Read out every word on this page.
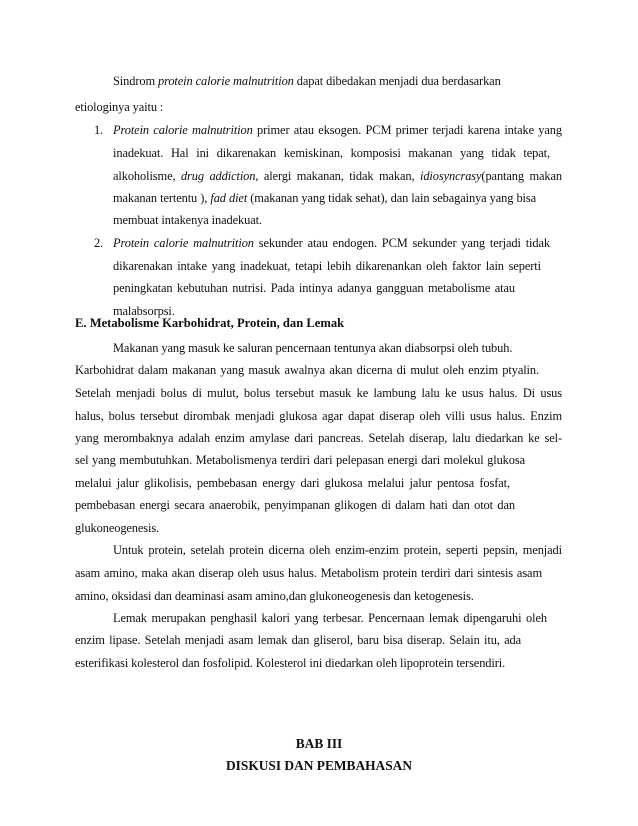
Sindrom protein calorie malnutrition dapat dibedakan menjadi dua berdasarkan
etiologinya yaitu :
1. Protein calorie malnutrition primer atau eksogen. PCM primer terjadi karena intake yang
inadekuat. Hal ini dikarenakan kemiskinan, komposisi makanan yang tidak tepat,
alkoholisme, drug addiction, alergi makanan, tidak makan, idiosyncrasy(pantang makan
makanan tertentu ), fad diet (makanan yang tidak sehat), dan lain sebagainya yang bisa
membuat intakenya inadekuat.
2. Protein calorie malnutrition sekunder atau endogen. PCM sekunder yang terjadi tidak
dikarenakan intake yang inadekuat, tetapi lebih dikarenankan oleh faktor lain seperti
peningkatan kebutuhan nutrisi. Pada intinya adanya gangguan metabolisme atau
malabsorpsi.
E. Metabolisme Karbohidrat, Protein, dan Lemak
Makanan yang masuk ke saluran pencernaan tentunya akan diabsorpsi oleh tubuh.
Karbohidrat dalam makanan yang masuk awalnya akan dicerna di mulut oleh enzim ptyalin.
Setelah menjadi bolus di mulut, bolus tersebut masuk ke lambung lalu ke usus halus. Di usus
halus, bolus tersebut dirombak menjadi glukosa agar dapat diserap oleh villi usus halus. Enzim
yang merombaknya adalah enzim amylase dari pancreas. Setelah diserap, lalu diedarkan ke sel-
sel yang membutuhkan. Metabolismenya terdiri dari pelepasan energi dari molekul glukosa
melalui jalur glikolisis, pembebasan energy dari glukosa melalui jalur pentosa fosfat,
pembebasan energi secara anaerobik, penyimpanan glikogen di dalam hati dan otot dan
glukoneogenesis.
Untuk protein, setelah protein dicerna oleh enzim-enzim protein, seperti pepsin, menjadi
asam amino, maka akan diserap oleh usus halus. Metabolism protein terdiri dari sintesis asam
amino, oksidasi dan deaminasi asam amino,dan glukoneogenesis dan ketogenesis.
Lemak merupakan penghasil kalori yang terbesar. Pencernaan lemak dipengaruhi oleh
enzim lipase. Setelah menjadi asam lemak dan gliserol, baru bisa diserap. Selain itu, ada
esterifikasi kolesterol dan fosfolipid. Kolesterol ini diedarkan oleh lipoprotein tersendiri.
BAB III
DISKUSI DAN PEMBAHASAN
